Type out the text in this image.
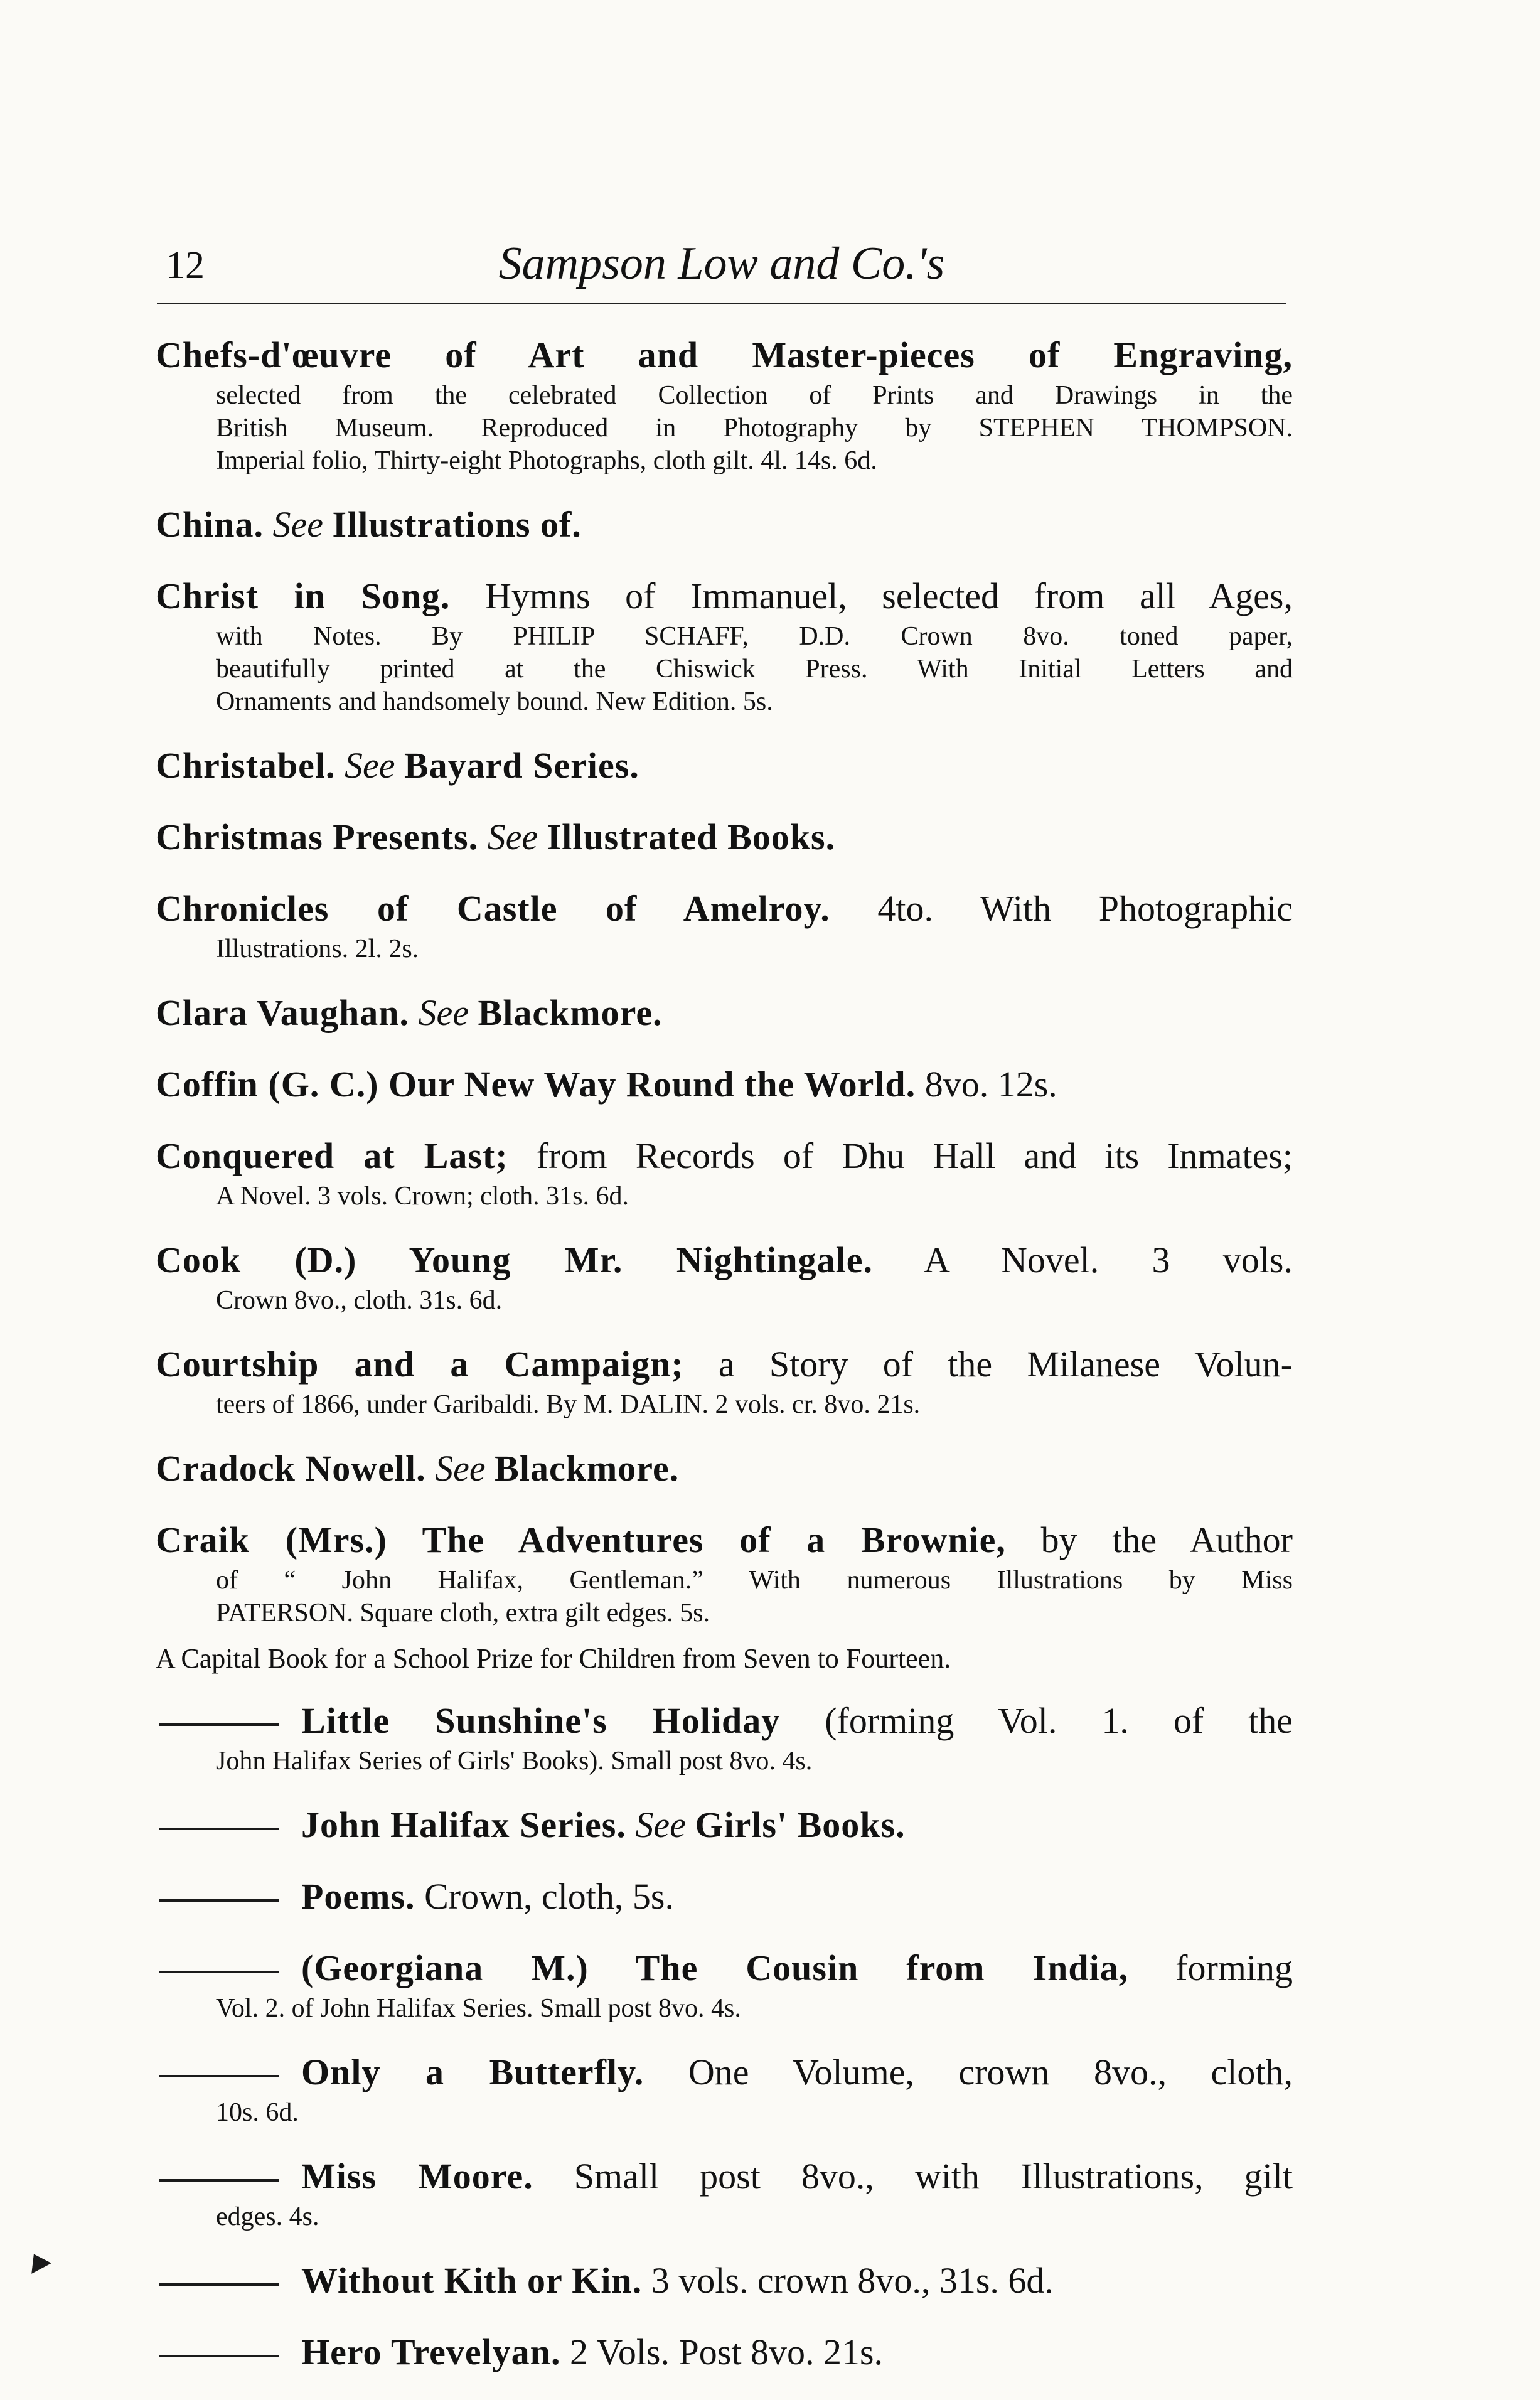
12	Sampson Low and Co.'s
Chefs-d'œuvre of Art and Master-pieces of Engraving,
selected from the celebrated Collection of Prints and Drawings in the
British Museum. Reproduced in Photography by STEPHEN THOMPSON.
Imperial folio, Thirty-eight Photographs, cloth gilt. 4l. 14s. 6d.
China. See Illustrations of.
Christ in Song. Hymns of Immanuel, selected from all Ages,
with Notes. By PHILIP SCHAFF, D.D. Crown 8vo. toned paper,
beautifully printed at the Chiswick Press. With Initial Letters and
Ornaments and handsomely bound. New Edition. 5s.
Christabel. See Bayard Series.
Christmas Presents. See Illustrated Books.
Chronicles of Castle of Amelroy. 4to. With Photographic
Illustrations. 2l. 2s.
Clara Vaughan. See Blackmore.
Coffin (G. C.) Our New Way Round the World. 8vo. 12s.
Conquered at Last; from Records of Dhu Hall and its Inmates;
A Novel. 3 vols. Crown; cloth. 31s. 6d.
Cook (D.) Young Mr. Nightingale. A Novel. 3 vols.
Crown 8vo., cloth. 31s. 6d.
Courtship and a Campaign; a Story of the Milanese Volun-
teers of 1866, under Garibaldi. By M. DALIN. 2 vols. cr. 8vo. 21s.
Cradock Nowell. See Blackmore.
Craik (Mrs.) The Adventures of a Brownie, by the Author
of “ John Halifax, Gentleman.” With numerous Illustrations by Miss
PATERSON. Square cloth, extra gilt edges. 5s.
A Capital Book for a School Prize for Children from Seven to Fourteen.
Little Sunshine's Holiday (forming Vol. 1. of the
John Halifax Series of Girls' Books). Small post 8vo. 4s.
John Halifax Series. See Girls' Books.
Poems. Crown, cloth, 5s.
(Georgiana M.) The Cousin from India, forming
Vol. 2. of John Halifax Series. Small post 8vo. 4s.
Only a Butterfly. One Volume, crown 8vo., cloth,
10s. 6d.
Miss Moore. Small post 8vo., with Illustrations, gilt
edges. 4s.
Without Kith or Kin. 3 vols. crown 8vo., 31s. 6d.
Hero Trevelyan. 2 Vols. Post 8vo. 21s.
